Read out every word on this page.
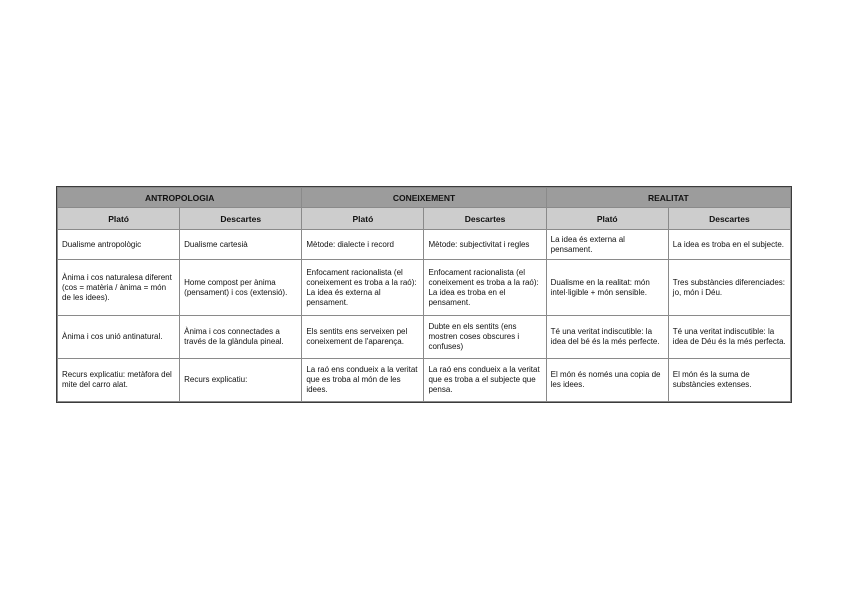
ANTROPOLOGIA		CONEIXEMENT		REALITAT	
Plató	Descartes	Plató	Descartes	Plató	Descartes
Dualisme antropològic	Dualisme cartesià	Mètode: dialecte i record	Mètode: subjectivitat i regles	La idea és externa al pensament.	La idea es troba en el subjecte.
Ànima i cos naturalesa diferent (cos = matèria / ànima = món de les idees).	Home compost per ànima (pensament) i cos (extensió).	Enfocament racionalista (el coneixement es troba a la raó): La idea és externa al pensament.	Enfocament racionalista (el coneixement es troba a la raó): La idea es troba en el pensament.	Dualisme en la realitat: món intel·ligible + món sensible.	Tres substàncies diferenciades: jo, món i Déu.
Ànima i cos unió antinatural.	Ànima i cos connectades a través de la glàndula pineal.	Els sentits ens serveixen pel coneixement de l'aparença.	Dubte en els sentits (ens mostren coses obscures i confuses)	Té una veritat indiscutible: la idea del bé és la més perfecte.	Té una veritat indiscutible: la idea de Déu és la més perfecta.
Recurs explicatiu: metàfora del mite del carro alat.	Recurs explicatiu:	La raó ens condueix a la veritat que es troba al món de les idees.	La raó ens condueix a la veritat que es troba a el subjecte que pensa.	El món és només una copia de les idees.	El món és la suma de substàncies extenses.
